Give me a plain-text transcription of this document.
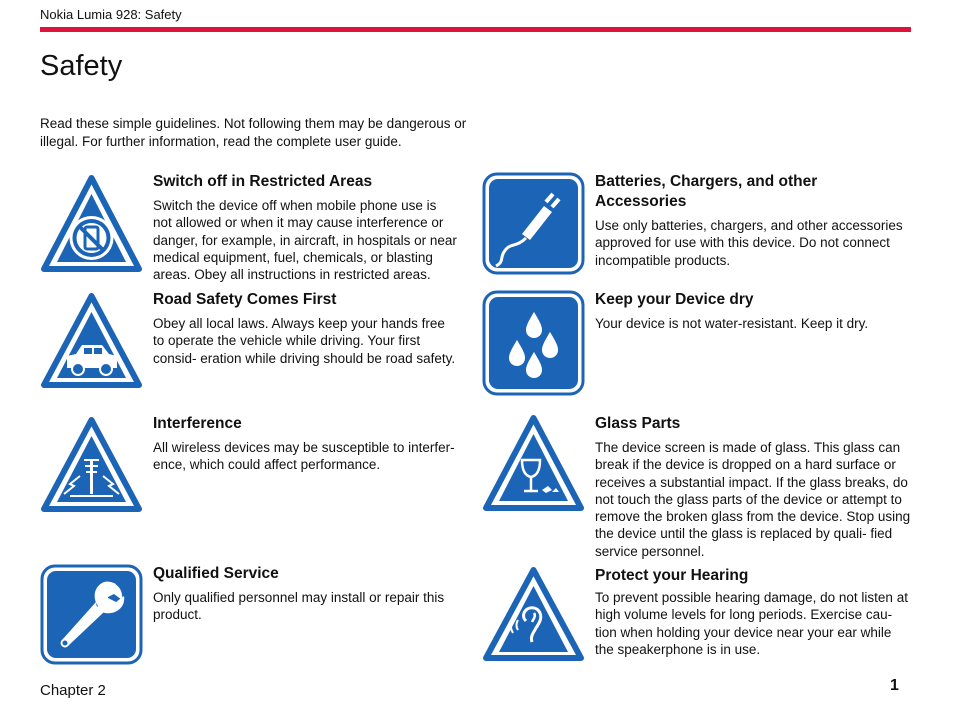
Nokia Lumia 928: Safety
Safety

Read these simple guidelines. Not following them may be dangerous or illegal. For further information, read the complete user guide.

Switch off in Restricted Areas

Switch the device off when mobile phone use is not allowed or when it may cause interference or danger, for example, in aircraft, in hospitals or near medical equipment, fuel, chemicals, or blasting areas. Obey all instructions in restricted areas.

Batteries, Chargers, and other Accessories

Use only batteries, chargers, and other accessories approved for use with this device. Do not connect incompatible products.

Road Safety Comes First

Obey all local laws. Always keep your hands free to operate the vehicle while driving. Your first consid- eration while driving should be road safety.

Keep your Device dry

Your device is not water-resistant. Keep it dry.

Interference

All wireless devices may be susceptible to interfer- ence, which could affect performance.

Glass Parts

The device screen is made of glass. This glass can break if the device is dropped on a hard surface or receives a substantial impact. If the glass breaks, do not touch the glass parts of the device or attempt to remove the broken glass from the device. Stop using the device until the glass is replaced by quali- fied service personnel.

Qualified Service

Only qualified personnel may install or repair this product.

Protect your Hearing

To prevent possible hearing damage, do not listen at high volume levels for long periods. Exercise cau- tion when holding your device near your ear while the speakerphone is in use.

Chapter 2	1
